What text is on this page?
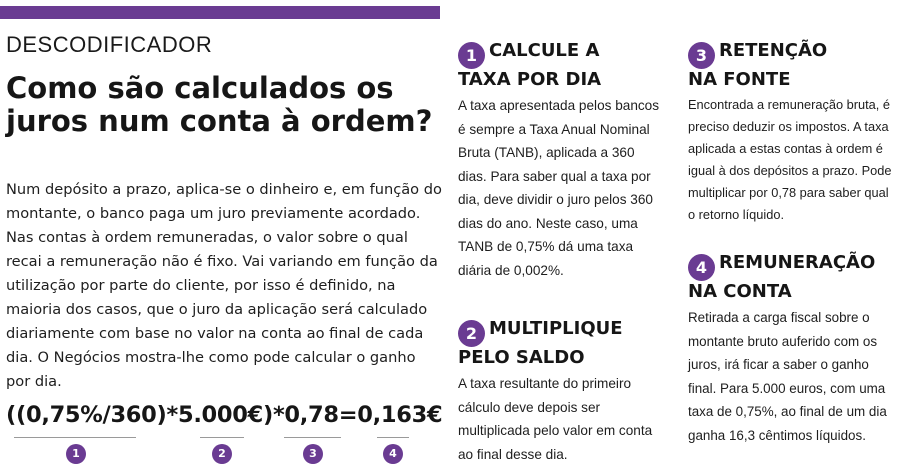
DESCODIFICADOR
Como são calculados os juros num conta à ordem?

Num depósito a prazo, aplica-se o dinheiro e, em função do montante, o banco paga um juro previamente acordado. Nas contas à ordem remuneradas, o valor sobre o qual recai a remuneração não é fixo. Vai variando em função da utilização por parte do cliente, por isso é definido, na maioria dos casos, que o juro da aplicação será calculado diariamente com base no valor na conta ao final de cada dia. O Negócios mostra-lhe como pode calcular o ganho por dia.

((0,75%/360)*5.000€)*0,78=0,163€
1	2	3	4
1 CALCULE A
TAXA POR DIA

A taxa apresentada pelos bancos é sempre a Taxa Anual Nominal Bruta (TANB), aplicada a 360 dias. Para saber qual a taxa por dia, deve dividir o juro pelos 360 dias do ano. Neste caso, uma TANB de 0,75% dá uma taxa diária de 0,002%.

2 MULTIPLIQUE
PELO SALDO

A taxa resultante do primeiro cálculo deve depois ser multiplicada pelo valor em conta ao final desse dia.

3 RETENÇÃO
NA FONTE

Encontrada a remuneração bruta, é preciso deduzir os impostos. A taxa aplicada a estas contas à ordem é igual à dos depósitos a prazo. Pode multiplicar por 0,78 para saber qual o retorno líquido.

4 REMUNERAÇÃO
NA CONTA

Retirada a carga fiscal sobre o montante bruto auferido com os juros, irá ficar a saber o ganho final. Para 5.000 euros, com uma taxa de 0,75%, ao final de um dia ganha 16,3 cêntimos líquidos.
